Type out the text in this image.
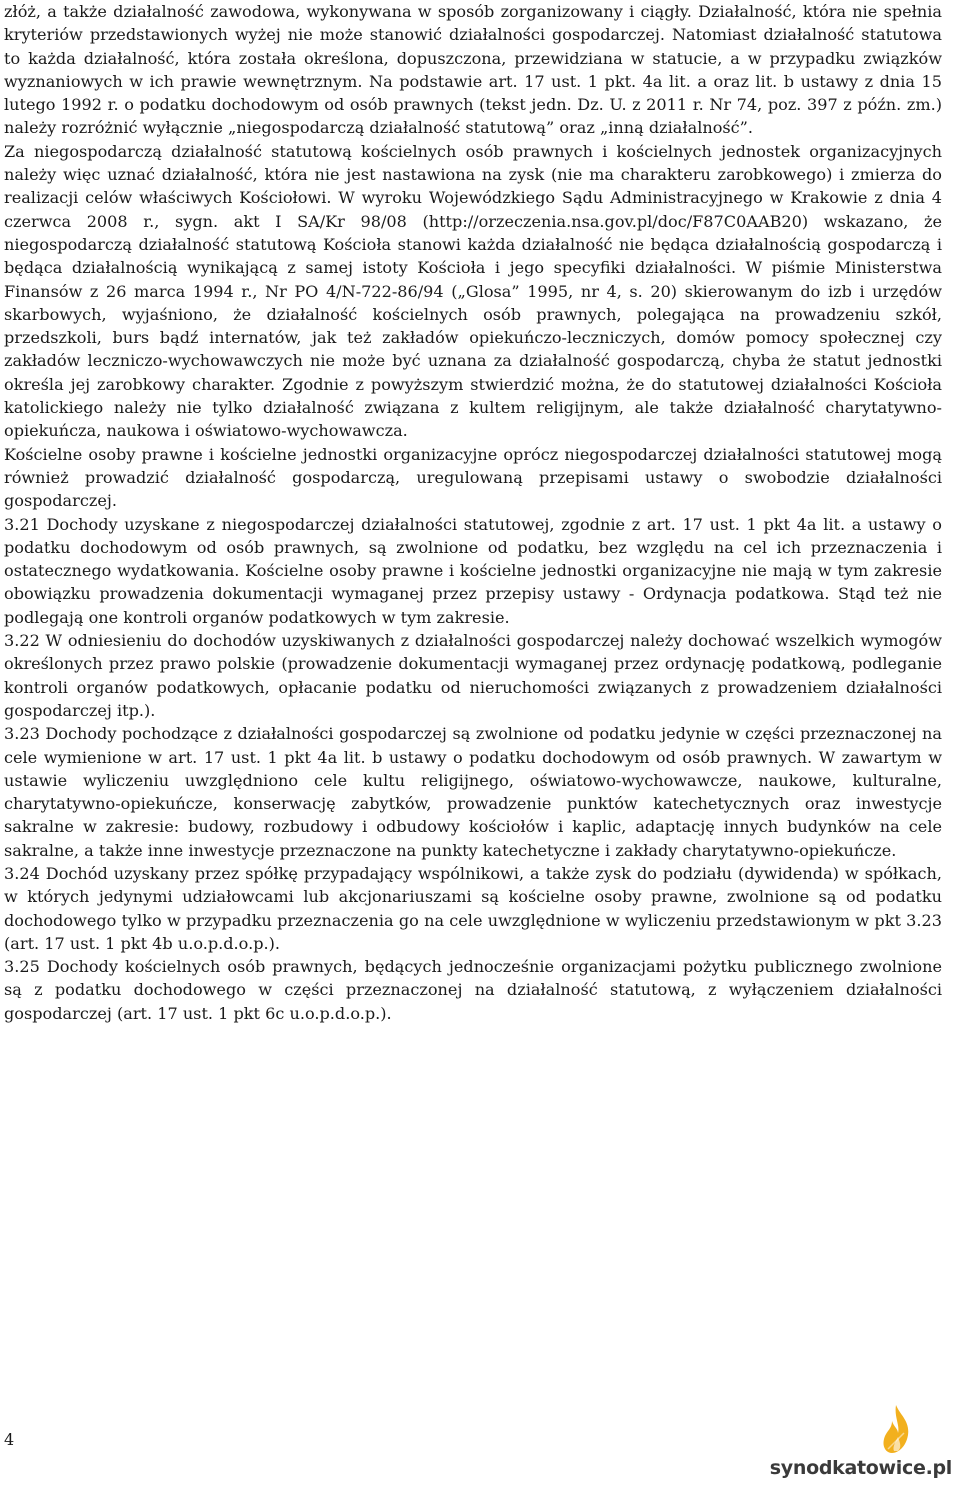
złóż, a także działalność zawodowa, wykonywana w sposób zorganizowany i ciągły. Działalność, która nie spełnia kryteriów przedstawionych wyżej nie może stanowić działalności gospodarczej. Natomiast działalność statutowa to każda działalność, która została określona, dopuszczona, przewidziana w statucie, a w przypadku związków wyznaniowych w ich prawie wewnętrznym. Na podstawie art. 17 ust. 1 pkt. 4a lit. a oraz lit. b ustawy z dnia 15 lutego 1992 r. o podatku dochodowym od osób prawnych (tekst jedn. Dz. U. z 2011 r. Nr 74, poz. 397 z późn. zm.) należy rozróżnić wyłącznie „niegospodarczą działalność statutową” oraz „inną działalność”.

Za niegospodarczą działalność statutową kościelnych osób prawnych i kościelnych jednostek organizacyjnych należy więc uznać działalność, która nie jest nastawiona na zysk (nie ma charakteru zarobkowego) i zmierza do realizacji celów właściwych Kościołowi. W wyroku Wojewódzkiego Sądu Administracyjnego w Krakowie z dnia 4 czerwca 2008 r., sygn. akt I SA/Kr 98/08 (http://orzeczenia.nsa.gov.pl/doc/F87C0AAB20) wskazano, że niegospodarczą działalność statutową Kościoła stanowi każda działalność nie będąca działalnością gospodarczą i będąca działalnością wynikającą z samej istoty Kościoła i jego specyfiki działalności. W piśmie Ministerstwa Finansów z 26 marca 1994 r., Nr PO 4/N-722-86/94 („Glosa” 1995, nr 4, s. 20) skierowanym do izb i urzędów skarbowych, wyjaśniono, że działalność kościelnych osób prawnych, polegająca na prowadzeniu szkół, przedszkoli, burs bądź internatów, jak też zakładów opiekuńczo-leczniczych, domów pomocy społecznej czy zakładów leczniczo-wychowawczych nie może być uznana za działalność gospodarczą, chyba że statut jednostki określa jej zarobkowy charakter. Zgodnie z powyższym stwierdzić można, że do statutowej działalności Kościoła katolickiego należy nie tylko działalność związana z kultem religijnym, ale także działalność charytatywno-opiekuńcza, naukowa i oświatowo-wychowawcza.

Kościelne osoby prawne i kościelne jednostki organizacyjne oprócz niegospodarczej działalności statutowej mogą również prowadzić działalność gospodarczą, uregulowaną przepisami ustawy o swobodzie działalności gospodarczej.

3.21 Dochody uzyskane z niegospodarczej działalności statutowej, zgodnie z art. 17 ust. 1 pkt 4a lit. a ustawy o podatku dochodowym od osób prawnych, są zwolnione od podatku, bez względu na cel ich przeznaczenia i ostatecznego wydatkowania. Kościelne osoby prawne i kościelne jednostki organizacyjne nie mają w tym zakresie obowiązku prowadzenia dokumentacji wymaganej przez przepisy ustawy - Ordynacja podatkowa. Stąd też nie podlegają one kontroli organów podatkowych w tym zakresie.

3.22 W odniesieniu do dochodów uzyskiwanych z działalności gospodarczej należy dochować wszelkich wymogów określonych przez prawo polskie (prowadzenie dokumentacji wymaganej przez ordynację podatkową, podleganie kontroli organów podatkowych, opłacanie podatku od nieruchomości związanych z prowadzeniem działalności gospodarczej itp.).

3.23 Dochody pochodzące z działalności gospodarczej są zwolnione od podatku jedynie w części przeznaczonej na cele wymienione w art. 17 ust. 1 pkt 4a lit. b ustawy o podatku dochodowym od osób prawnych. W zawartym w ustawie wyliczeniu uwzględniono cele kultu religijnego, oświatowo-wychowawcze, naukowe, kulturalne, charytatywno-opiekuńcze, konserwację zabytków, prowadzenie punktów katechetycznych oraz inwestycje sakralne w zakresie: budowy, rozbudowy i odbudowy kościołów i kaplic, adaptację innych budynków na cele sakralne, a także inne inwestycje przeznaczone na punkty katechetyczne i zakłady charytatywno-opiekuńcze.

3.24 Dochód uzyskany przez spółkę przypadający wspólnikowi, a także zysk do podziału (dywidenda) w spółkach, w których jedynymi udziałowcami lub akcjonariuszami są kościelne osoby prawne, zwolnione są od podatku dochodowego tylko w przypadku przeznaczenia go na cele uwzględnione w wyliczeniu przedstawionym w pkt 3.23 (art. 17 ust. 1 pkt 4b u.o.p.d.o.p.).

3.25 Dochody kościelnych osób prawnych, będących jednocześnie organizacjami pożytku publicznego zwolnione są z podatku dochodowego w części przeznaczonej na działalność statutową, z wyłączeniem działalności gospodarczej (art. 17 ust. 1 pkt 6c u.o.p.d.o.p.).

4
synodkatowice.pl
